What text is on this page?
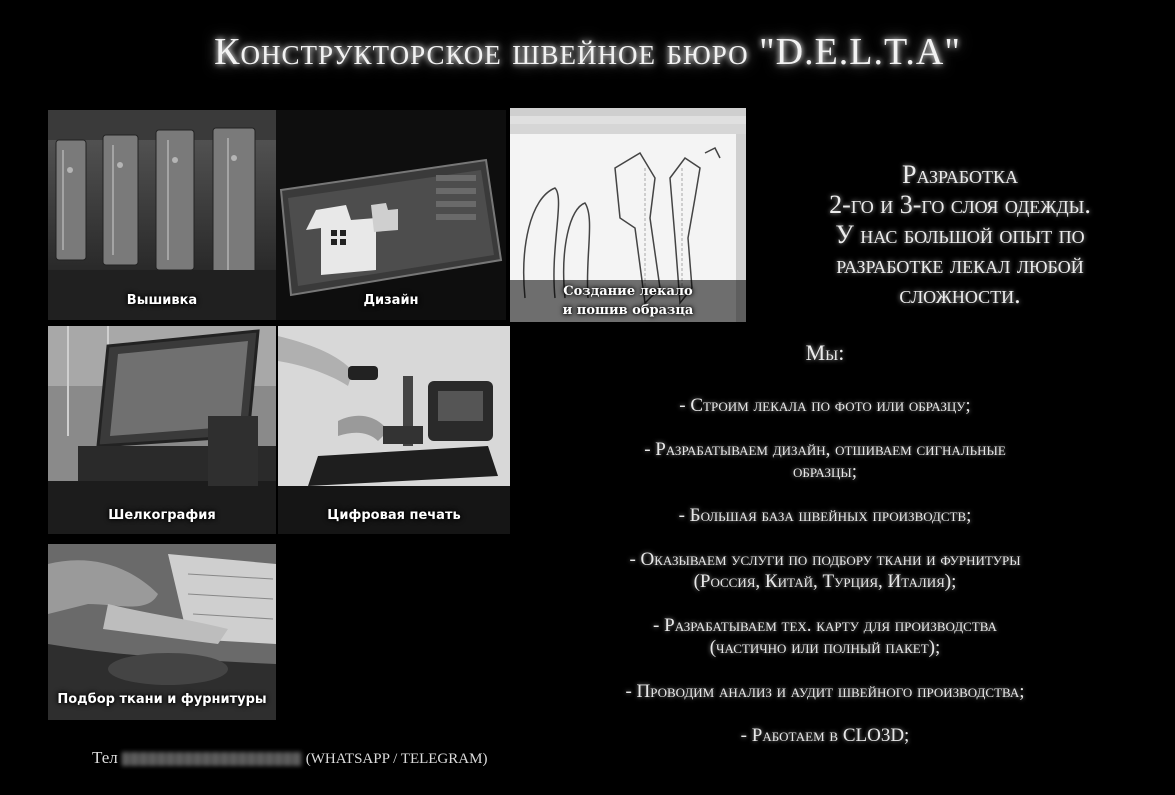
Конструкторское швейное бюро "D.E.L.T.A"
Вышивка	Дизайн
Создание лекало
и пошив образца
Шелкография	Цифровая печать
Подбор ткани и фурнитуры
Разработка
2-го и 3-го слоя одежды.
У нас большой опыт по
разработке лекал любой
сложности.
Мы:
- Строим лекала по фото или образцу;
- Разрабатываем дизайн, отшиваем сигнальные
образцы;
- Большая база швейных производств;
- Оказываем услуги по подбору ткани и фурнитуры
(Россия, Китай, Турция, Италия);
- Разрабатываем тех. карту для производства
(частично или полный пакет);
- Проводим анализ и аудит швейного производства;
- Работаем в CLO3D;
Тел	(WHATSAPP / TELEGRAM)
